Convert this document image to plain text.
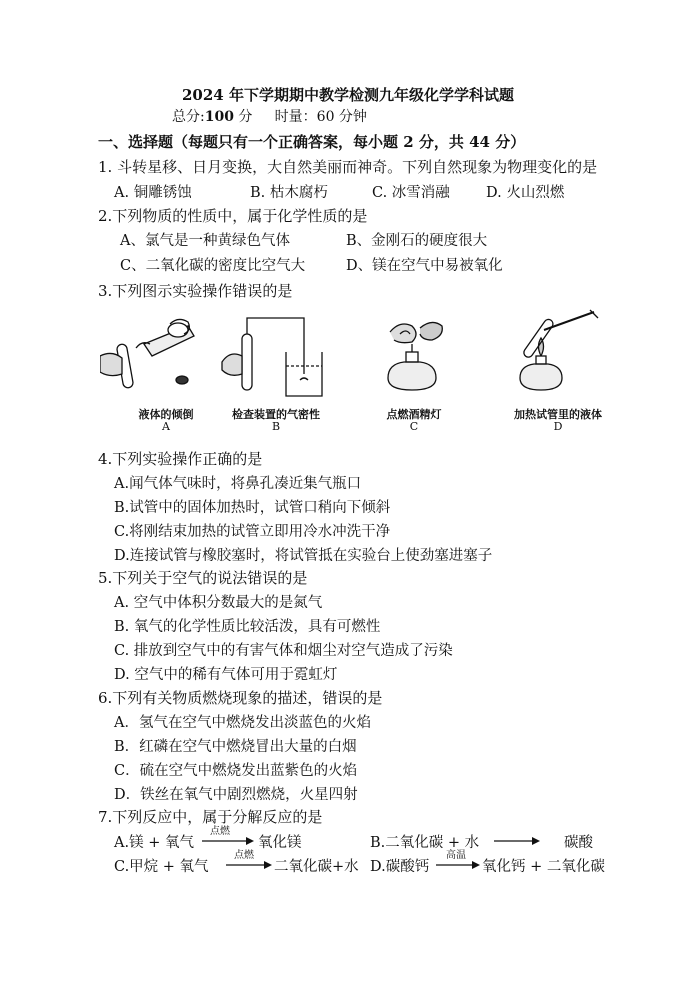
2024 年下学期期中教学检测九年级化学学科试题
总分:100 分 时量：60 分钟
一、选择题（每题只有一个正确答案，每小题 2 分，共 44 分）
1. 斗转星移、日月变换，大自然美丽而神奇。下列自然现象为物理变化的是
A. 铜雕锈蚀	B. 枯木腐朽	C. 冰雪消融 D. 火山烈燃
2.下列物质的性质中，属于化学性质的是
A、氯气是一种黄绿色气体	B、金刚石的硬度很大
C、二氧化碳的密度比空气大	D、镁在空气中易被氧化
3.下列图示实验操作错误的是
液体的倾倒
A
检查装置的气密性
B
点燃酒精灯
C
加热试管里的液体
D
4.下列实验操作正确的是
A.闻气体气味时，将鼻孔凑近集气瓶口
B.试管中的固体加热时，试管口稍向下倾斜
C.将刚结束加热的试管立即用冷水冲洗干净
D.连接试管与橡胶塞时，将试管抵在实验台上使劲塞进塞子
5.下列关于空气的说法错误的是
A. 空气中体积分数最大的是氮气
B. 氧气的化学性质比较活泼，具有可燃性
C. 排放到空气中的有害气体和烟尘对空气造成了污染
D. 空气中的稀有气体可用于霓虹灯
6.下列有关物质燃烧现象的描述，错误的是
A．氢气在空气中燃烧发出淡蓝色的火焰
B．红磷在空气中燃烧冒出大量的白烟
C．硫在空气中燃烧发出蓝紫色的火焰
D．铁丝在氧气中剧烈燃烧，火星四射
7.下列反应中，属于分解反应的是
A.镁 + 氧气
点燃
氧化镁	B.二氧化碳 + 水	碳酸
C.甲烷 + 氧气
点燃
二氧化碳+水 D.碳酸钙
高温
氧化钙 + 二氧化碳
